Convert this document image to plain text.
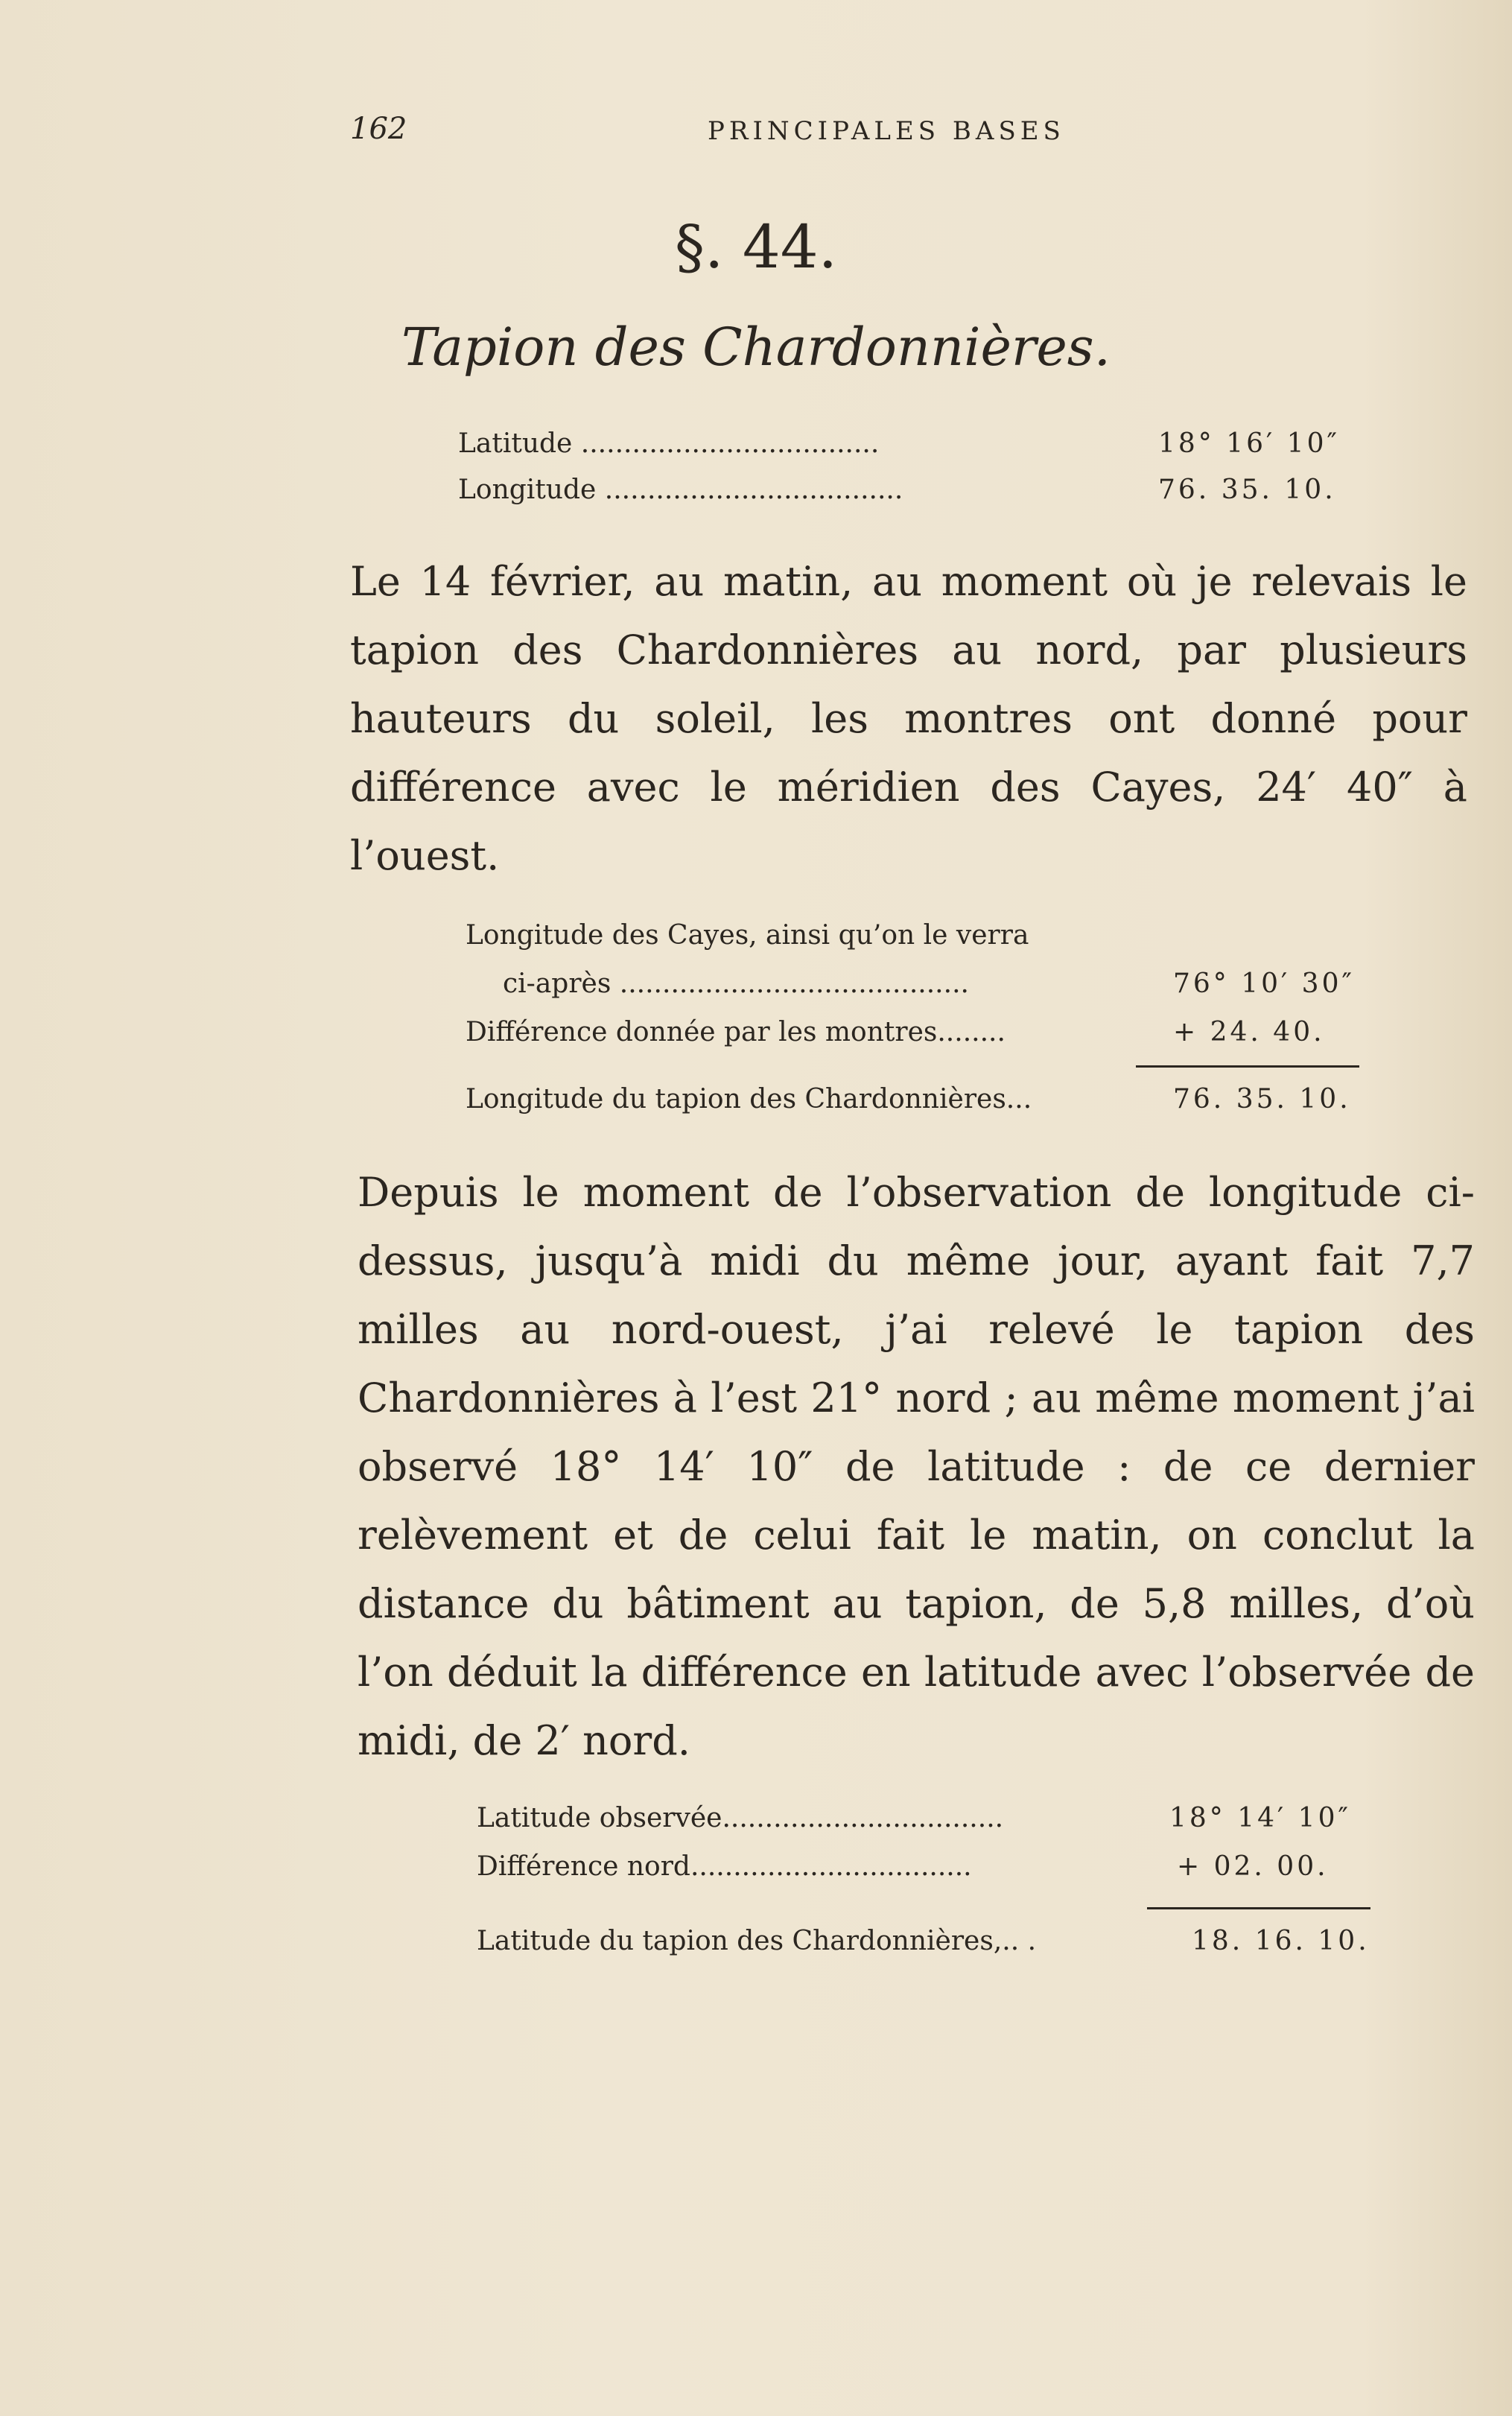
162	PRINCIPALES BASES
§. 44.
Tapion des Chardonnières.
Latitude ...................................	18° 16′ 10″
Longitude ...................................	76. 35. 10.
Le 14 février, au matin, au moment où je relevais le tapion des Chardonnières au nord, par plusieurs hauteurs du soleil, les montres ont donné pour différence avec le méridien des Cayes, 24′ 40″ à l’ouest.
Longitude des Cayes, ainsi qu’on le verra
ci-après .........................................	76° 10′ 30″
Différence donnée par les montres........	+ 24. 40.
Longitude du tapion des Chardonnières...	76. 35. 10.
Depuis le moment de l’observation de longitude ci-dessus, jusqu’à midi du même jour, ayant fait 7,7 milles au nord-ouest, j’ai relevé le tapion des Chardonnières à l’est 21° nord ; au même moment j’ai observé 18° 14′ 10″ de latitude : de ce dernier relèvement et de celui fait le matin, on conclut la distance du bâtiment au tapion, de 5,8 milles, d’où l’on déduit la différence en latitude avec l’observée de midi, de 2′ nord.
Latitude observée.................................	18° 14′ 10″
Différence nord.................................	+ 02. 00.
Latitude du tapion des Chardonnières,.. .	18. 16. 10.
